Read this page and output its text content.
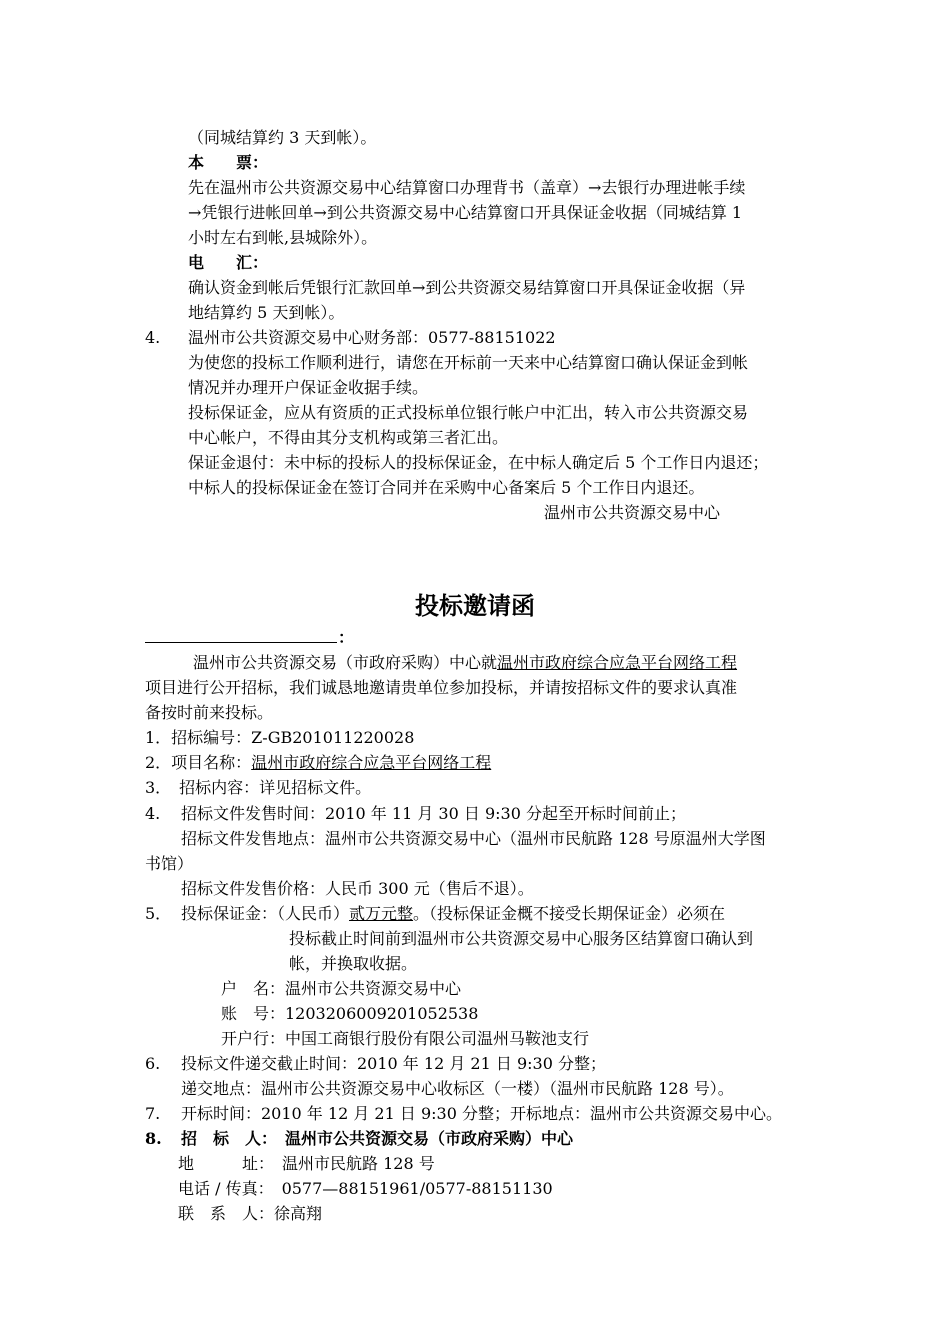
（同城结算约 3 天到帐）。
本　　票：
先在温州市公共资源交易中心结算窗口办理背书（盖章）→去银行办理进帐手续
→凭银行进帐回单→到公共资源交易中心结算窗口开具保证金收据（同城结算 1
小时左右到帐,县城除外）。
电　　汇：
确认资金到帐后凭银行汇款回单→到公共资源交易结算窗口开具保证金收据（异
地结算约 5 天到帐）。
4. 温州市公共资源交易中心财务部：0577-88151022
为使您的投标工作顺利进行，请您在开标前一天来中心结算窗口确认保证金到帐
情况并办理开户保证金收据手续。
投标保证金，应从有资质的正式投标单位银行帐户中汇出，转入市公共资源交易
中心帐户，不得由其分支机构或第三者汇出。
保证金退付：未中标的投标人的投标保证金，在中标人确定后 5 个工作日内退还；
中标人的投标保证金在签订合同并在采购中心备案后 5 个工作日内退还。
温州市公共资源交易中心
投标邀请函
：
温州市公共资源交易（市政府采购）中心就温州市政府综合应急平台网络工程
项目进行公开招标，我们诚恳地邀请贵单位参加投标，并请按招标文件的要求认真准
备按时前来投标。
1．招标编号：Z-GB201011220028
2．项目名称：温州市政府综合应急平台网络工程
3．　招标内容：详见招标文件。
4. 招标文件发售时间：2010 年 11 月 30 日 9:30 分起至开标时间前止；
招标文件发售地点：温州市公共资源交易中心（温州市民航路 128 号原温州大学图
书馆）
招标文件发售价格：人民币 300 元（售后不退）。
5． 投标保证金：（人民币）贰万元整。（投标保证金概不接受长期保证金）必须在
投标截止时间前到温州市公共资源交易中心服务区结算窗口确认到
帐，并换取收据。
户　名：温州市公共资源交易中心
账　号：1203206009201052538
开户行：中国工商银行股份有限公司温州马鞍池支行
6. 投标文件递交截止时间：2010 年 12 月 21 日 9:30 分整；
递交地点：温州市公共资源交易中心收标区（一楼）（温州市民航路 128 号）。
7. 开标时间：2010 年 12 月 21 日 9:30 分整；开标地点：温州市公共资源交易中心。
8. 招　标　人：　温州市公共资源交易（市政府采购）中心
地　　　址：　温州市民航路 128 号
电话 / 传真：　0577—88151961/0577-88151130
联　系　人：徐高翔
